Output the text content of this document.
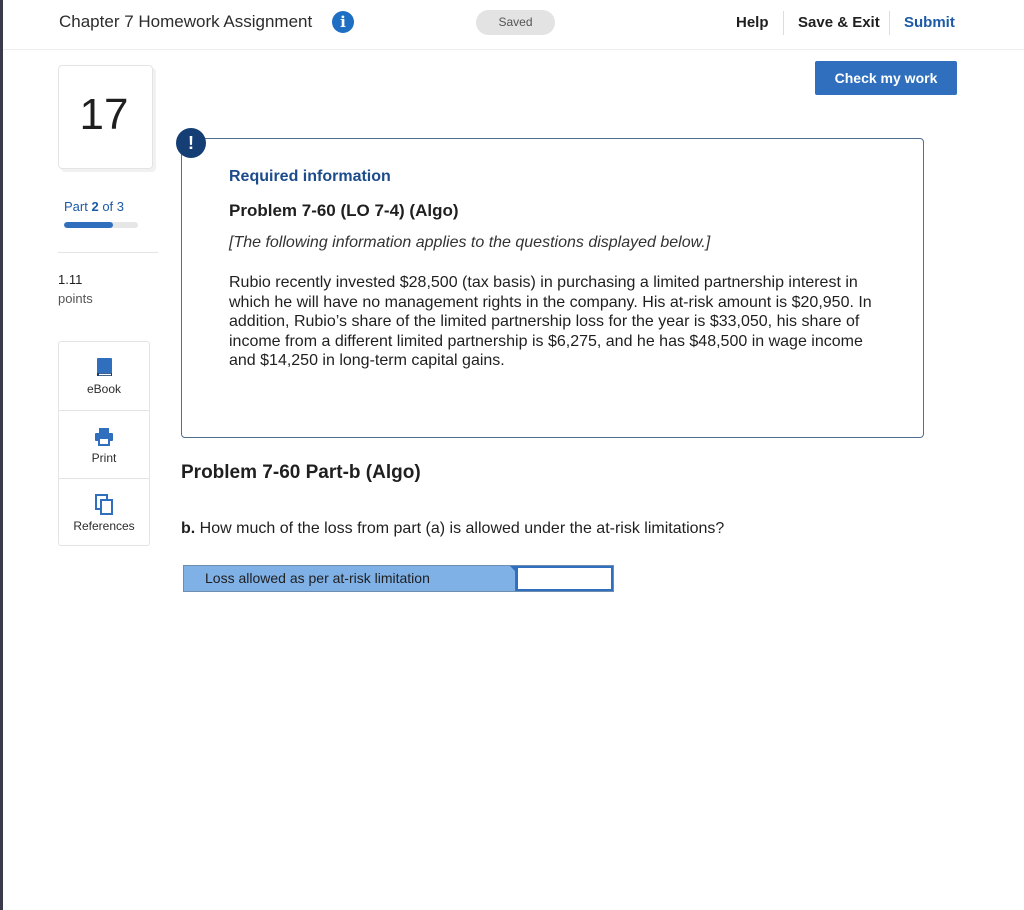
Chapter 7 Homework Assignment	i	Saved	Help Save & Exit Submit
Check my work
17
Part 2 of 3
1.11
points
eBook
Print
References
!
Required information
Problem 7-60 (LO 7-4) (Algo)
[The following information applies to the questions displayed below.]
Rubio recently invested $28,500 (tax basis) in purchasing a limited partnership interest in which he will have no management rights in the company. His at-risk amount is $20,950. In addition, Rubio’s share of the limited partnership loss for the year is $33,050, his share of income from a different limited partnership is $6,275, and he has $48,500 in wage income and $14,250 in long-term capital gains.
Problem 7-60 Part-b (Algo)
b. How much of the loss from part (a) is allowed under the at-risk limitations?
Loss allowed as per at-risk limitation
